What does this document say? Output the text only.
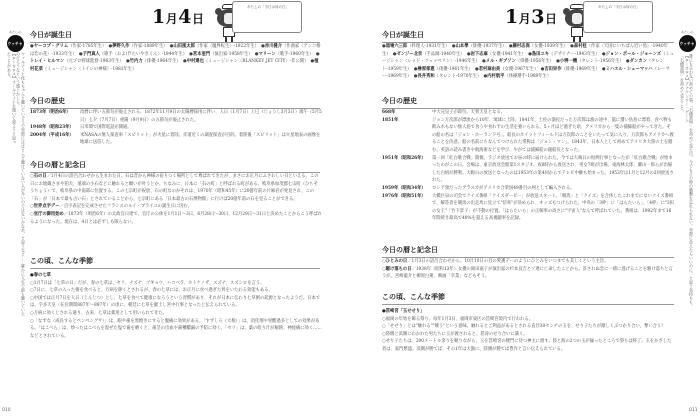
1月4日
あたしの「今日は何の日」
あたしの
ウッチャ
【ローカロス】オールナイトを聞いて寝ようと思ったことがある。	ウィルナイト化もちゃんと聴いていそうで実際にはほとんど聴けていない人が多いのではないかなあ、と思うなど……確かに人生で最も聴いていたのだろうなという感じかしら。
今日が誕生日
●ヤーコプ・グリム（作家-1785年生）　 ●夢野久作（作家-1889年生）　 ●山田風太郎（作家〈魔界転生〉-1922年生）　 ●赤川健介（作曲家〈アンコ椿は恋の花〉-1933年生）　 ●子門真人（歌手〈およげ!たいやきくん〉-1944年生）　 ●宮本亜門（演出家-1958年生）　 ●マリーン（歌手-1960年生）　 ●トレイ・ヒルマン（元プロ野球監督-1963年生）　 ●竹内力（俳優-1964年生）　 ●中村達也（ミュージシャン〈BLANKEY JET CITY〉-非公開）　 ●植村花菜（ミュージシャン〈トイレの神様〉-1983年生）　
今日の歴史
1873年（明治6年）	改暦に伴い五節句が廃止される。1872年11月9日の太陽暦採用に伴い、人日（1月7日）上巳（じょうし3月3日）端午（5月5日）七夕（7月7日）重陽（9月9日）の五節句が廃止された。
1948年（昭和23年）	日米間で国際電話が開通。
2004年（平成16年）	米NASAの無人探査車「スピリット」が火星に着陸。赤道近くの調査探査が目的。着陸後「スピリット」は火星地表の画像を地球に送信した。
今日の暦と記念日
○石の日／1月4日の語呂合わせから生まれた日。石は昔から神様の宿りつく場所として尊ばれてきたが、まさにお正月にふさわしい日といえる。この日にお地蔵さまや狛犬、道端の小石などに触れると願いが叶うとか。ちなみに、日本に「石の町」と呼ばれる町がある。岐阜県加茂郡七宗町（ひちそうちょう）で、岐阜県の中南部に位置する。この七宗町が祝放、石の町なのかそれは、1970年（昭和45年）に20億年前の片麻岩が発見され、この「石」が「日本で最も古い石」とされていることから。七宗町にある「日本最古の石博物館」に行けば20億年前の石を見ることができる。
○世界点字デー／点字表記を完成させたフランスのルイ・ブライユの誕生日に因む。
○官庁の御用始め／1873年（明治6年）の太政官日達で、官庁の公休を1月1日～3日、6月28日～30日、12月29日～31日と決めたことからこう呼ばれるようになった。現在は、4日とは必ずしも限らない。
この頃、こんな季節
●春の七草
○1月7日は「七草の日」だが、春の七草は、セリ、ナズナ、ゴギョウ、ハコベラ、ホトケノザ、スズナ、スズシロを言う。
○7日に、七草の入った粥を食べると、万病を除くとされるが、春の七草には、お正月に食べ過ぎた胃をいたわる効能もある。
○中国では正月7日を人日（じんじつ）とし、七草を食べて健康になろうという習慣があり、それが日本に伝わり七草粥の起源となったようだ。日本では、宇多天皇（在位期間887年～897年）の頃に、朝廷に七草を献上し宮中行事となったと伝えられている。
○万病に効くとされる通り、古来、七草は薬用として用いられてきた。
○「なずな（成長するとペンペングサ）」は、眼や歯を黒焼きにすると腹痛に効果がある。「すずしろ（大根）」は、消化剤や胃酸過多としての効果がある。「はこべら」は、炒ったはこべらを混ぜた塩で歯を磨くと、歯茎の出血や歯槽膿漏の予防に効く。「セリ」は、葉の絞り汁が解熱、神経痛に効く……などとされている。
010
1月3日
あたしの「今日は何の日」
あたしの
ウッチャ
【ローカロス】アナウンサー・ゲーム「石橋貴明」を初めて見たこと。	誰にも言わない初めての事。「石橋貴明」を初めて見た日、今でもその時の衝撃を忘れられない。実際に会えたらいいのに、と思う気持ちも。
今日が誕生日
●道場六三郎（料理人-1931年生）　 ●山本學（俳優-1937年生）　 ●藤村志保（女優-1939年生）　 ●森村桂（作家〈天国にいちばん近い島〉-1940年生）　 ●ゼンジー北京（手品師-1940年生）　 ●岩下志麻（女優-1941年生）　 ●島田ユキ（デザイナー-1943年生）　 ●ジョン・ポール・ジョーンズ（ミュージシャン〈レッド・ツェッペリン〉-1946年生）　 ●メル・ギブソン（俳優-1956年生）　 ●小堺一機（タレント-1956年生）　 ●ダンカン（タレント-1959年生）　 ●榊原郁恵（俳優-1961年生）　 ●若村麻由美（女優-1967年生）　 ●吉田栄作（俳優-1969年生）　 ●ミハエル・シューマッハ（レーサー-1969年生）　 ●長井秀和（タレント-1970年生）　 ●内村航平（体操選手-1989年生）　
今日の歴史
668年	中大兄皇子が即位。天智天皇となる。
1851年	ジョン万次郎が漂流から10年、琉球に上陸。1841年、土佐の漁民だった万次郎は漁の途中、嵐に遭い鳥島に漂着、食べ物も飲み水もない無人島で食うや食わずの生活を強いられる。5ヶ月ほど過ぎた頃、アメリカから一隻の捕鯨船がやってきた。その船の名は「ジョン・ホーランド号」。船長のホイットフィールドは万次郎のことをいたって気に入り、万次郎もアメリカへ渡ることを決意。船の名前にちなんでつけられた愛称は「ジョン・マン」。1843年、日本人として初めてアメリカ大陸の土を踏む。英語の読み書きや航海術などを学び、やがては捕鯨船の副船長となった。
1951年（昭和26年）	第一回「紅白歌合戦」開催。ラジオ放送でお昼の時に届けられた。今では大晦日の恒例行事となったが「紅白歌合戦」が始まったのがこの日。会場は、東京放送会館第1スタジオ。夜8時から放送され、男女7組が出場、東海林太郎、藤山一郎らが出場した白組が勝利。大晦日の放送となったのは1953年の第4回からでテレビ中継も始まった。1953年は1月と12月の2回放送された。
1959年（昭和34年）	ロシア領だったアラスカがアメリカ合衆国49番目の州として編入される。
1976年（昭和51年）	大橋巨泉の司会でクイズ番組「クイズダービー」が放送スタート。「競馬」と「クイズ」を合体したこれまでにないクイズ番組で、解答者を競馬の出走馬に見立て"倍率"が決められ、オッズもつけられた。中央の「3枠」に「はらたいら」、「4枠」に"3択の女王"「竹下景子」が不動の位置。「はらたいら」の正解率の高さに"宇宙人"なんて呼ばれていた。番組は、1992年まで16年間続き最高で40%を超える高視聴率を記録。
今日の暦と記念日
○ひとみの日／1月3日の語呂合わせから。10月10日の目の愛護デーのようにひとみをいつまでも美しくという主旨。
○駆け落ちの日／1938年（昭和13年）女優の岡田嘉子が演出家の杉本良吉とソ連に亡命したことから。許されぬ恋に一緒に逃げることを駆け落ちと言うが、宮崎龍介と柳原白蓮、映画「卒業」などもそう。
この頃、こんな季節
●筥崎宮「玉せせり」
○福岡の年始を飾る祭り。毎年1月3日、福岡市東区の筥崎宮境内で行われる。
○「せせり」とは"触れる""競う"という意味。触れるとご利益があるとされる直径30センチの玉を、せり子たちが激しくぶつかり合い、奪い合う!
○陸側と浜側にわかれた男たちに玉が渡されると、怒涛のせり合いに満く。
○せり子たちは、200メートル余りを競りながら、玉を筥崎宮の楼門に待つ神主に渡す。陸と海の2つの玉が揃ったところで祭りは終了。玉をかざした者は、家門繁盛。浜側が勝てば、その1年は大漁に、陸側が勝てば豊作と言い伝えられている。
011
